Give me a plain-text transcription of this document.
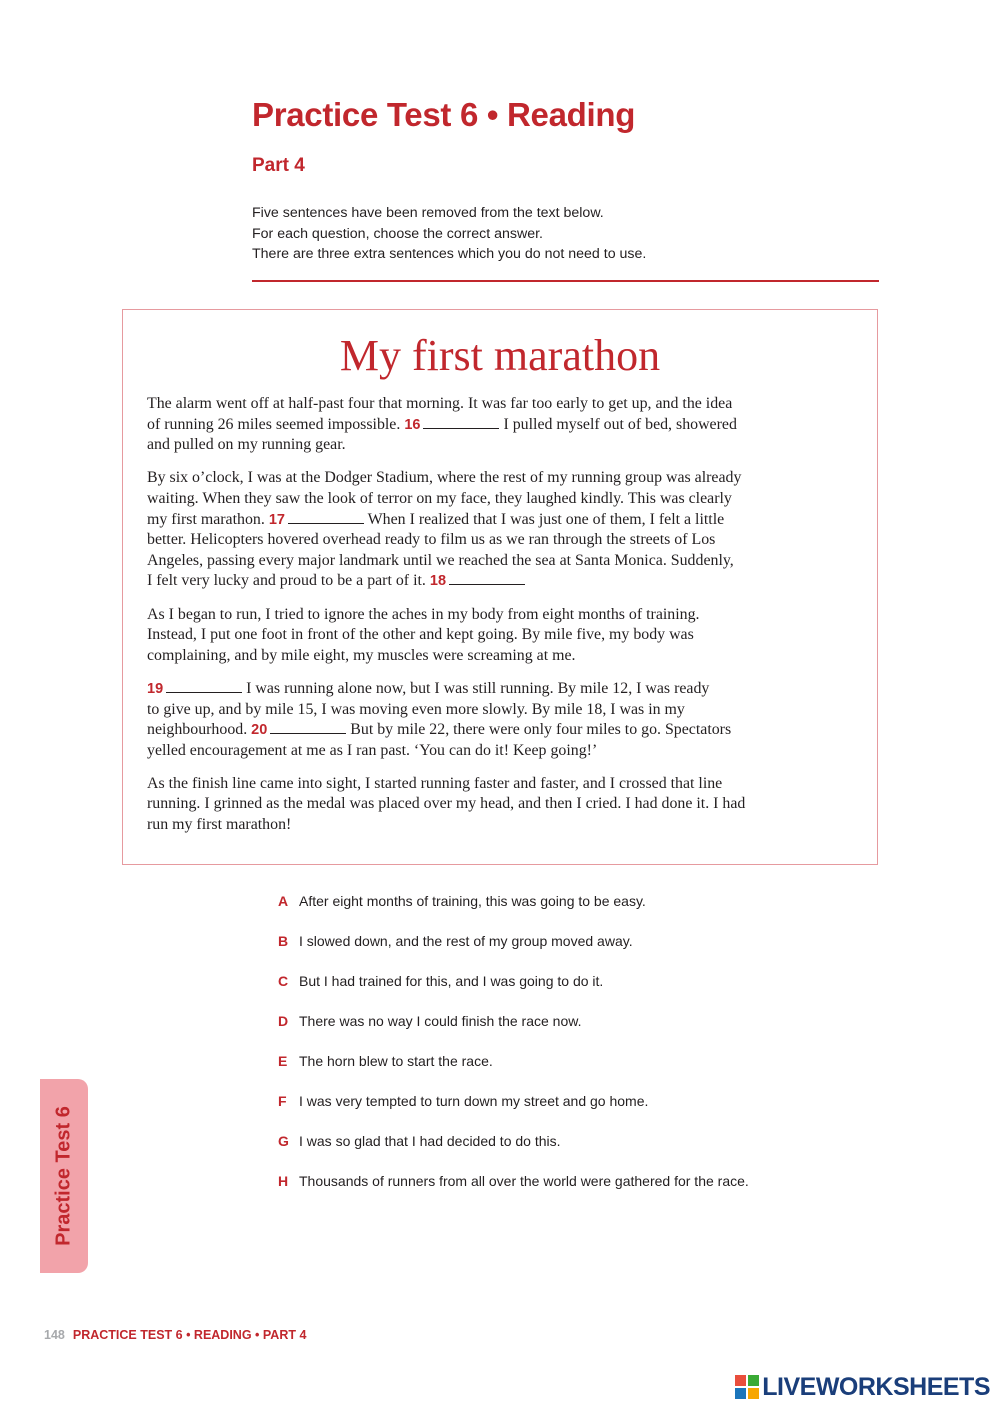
Practice Test 6 • Reading
Part 4
Five sentences have been removed from the text below.
For each question, choose the correct answer.
There are three extra sentences which you do not need to use.
My first marathon

The alarm went off at half-past four that morning. It was far too early to get up, and the idea
of running 26 miles seemed impossible. 16	I pulled myself out of bed, showered
and pulled on my running gear.

By six o’clock, I was at the Dodger Stadium, where the rest of my running group was already
waiting. When they saw the look of terror on my face, they laughed kindly. This was clearly
my first marathon. 17	When I realized that I was just one of them, I felt a little
better. Helicopters hovered overhead ready to film us as we ran through the streets of Los
Angeles, passing every major landmark until we reached the sea at Santa Monica. Suddenly,
I felt very lucky and proud to be a part of it. 18

As I began to run, I tried to ignore the aches in my body from eight months of training.
Instead, I put one foot in front of the other and kept going. By mile five, my body was
complaining, and by mile eight, my muscles were screaming at me.

19	I was running alone now, but I was still running. By mile 12, I was ready
to give up, and by mile 15, I was moving even more slowly. By mile 18, I was in my
neighbourhood. 20	But by mile 22, there were only four miles to go. Spectators
yelled encouragement at me as I ran past. ‘You can do it! Keep going!’

As the finish line came into sight, I started running faster and faster, and I crossed that line
running. I grinned as the medal was placed over my head, and then I cried. I had done it. I had
run my first marathon!

A After eight months of training, this was going to be easy.
B I slowed down, and the rest of my group moved away.
C But I had trained for this, and I was going to do it.
D There was no way I could finish the race now.
E The horn blew to start the race.
F I was very tempted to turn down my street and go home.
G I was so glad that I had decided to do this.
H Thousands of runners from all over the world were gathered for the race.
Practice Test 6
148 PRACTICE TEST 6 • READING • PART 4
LIVEWORKSHEETS
